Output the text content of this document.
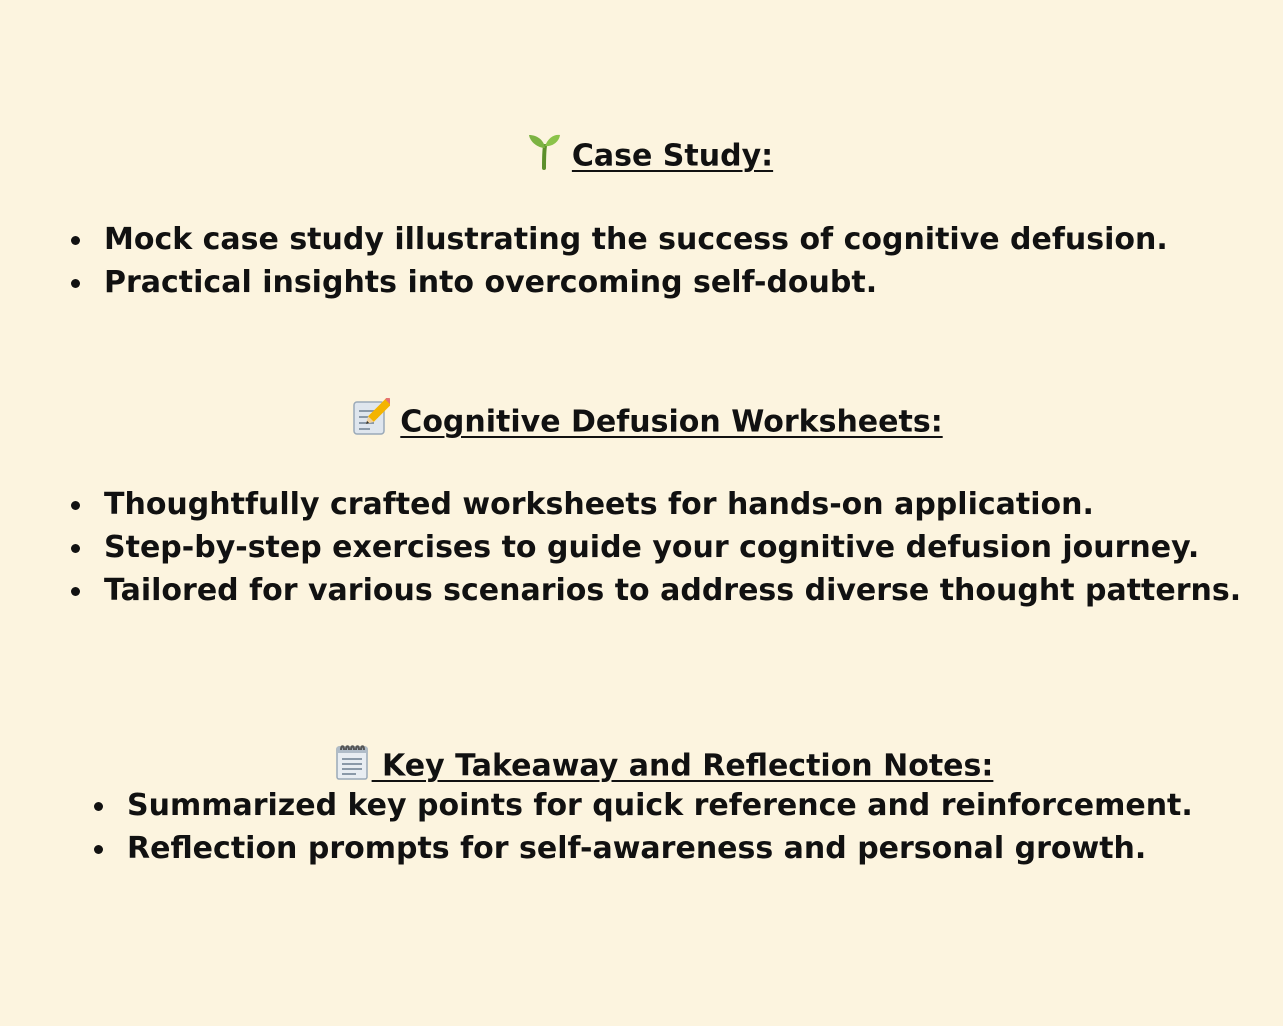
Case Study:
Mock case study illustrating the success of cognitive defusion.
Practical insights into overcoming self-doubt.
Cognitive Defusion Worksheets:
Thoughtfully crafted worksheets for hands-on application.
Step-by-step exercises to guide your cognitive defusion journey.
Tailored for various scenarios to address diverse thought patterns.
Key Takeaway and Reflection Notes:
Summarized key points for quick reference and reinforcement.
Reflection prompts for self-awareness and personal growth.
